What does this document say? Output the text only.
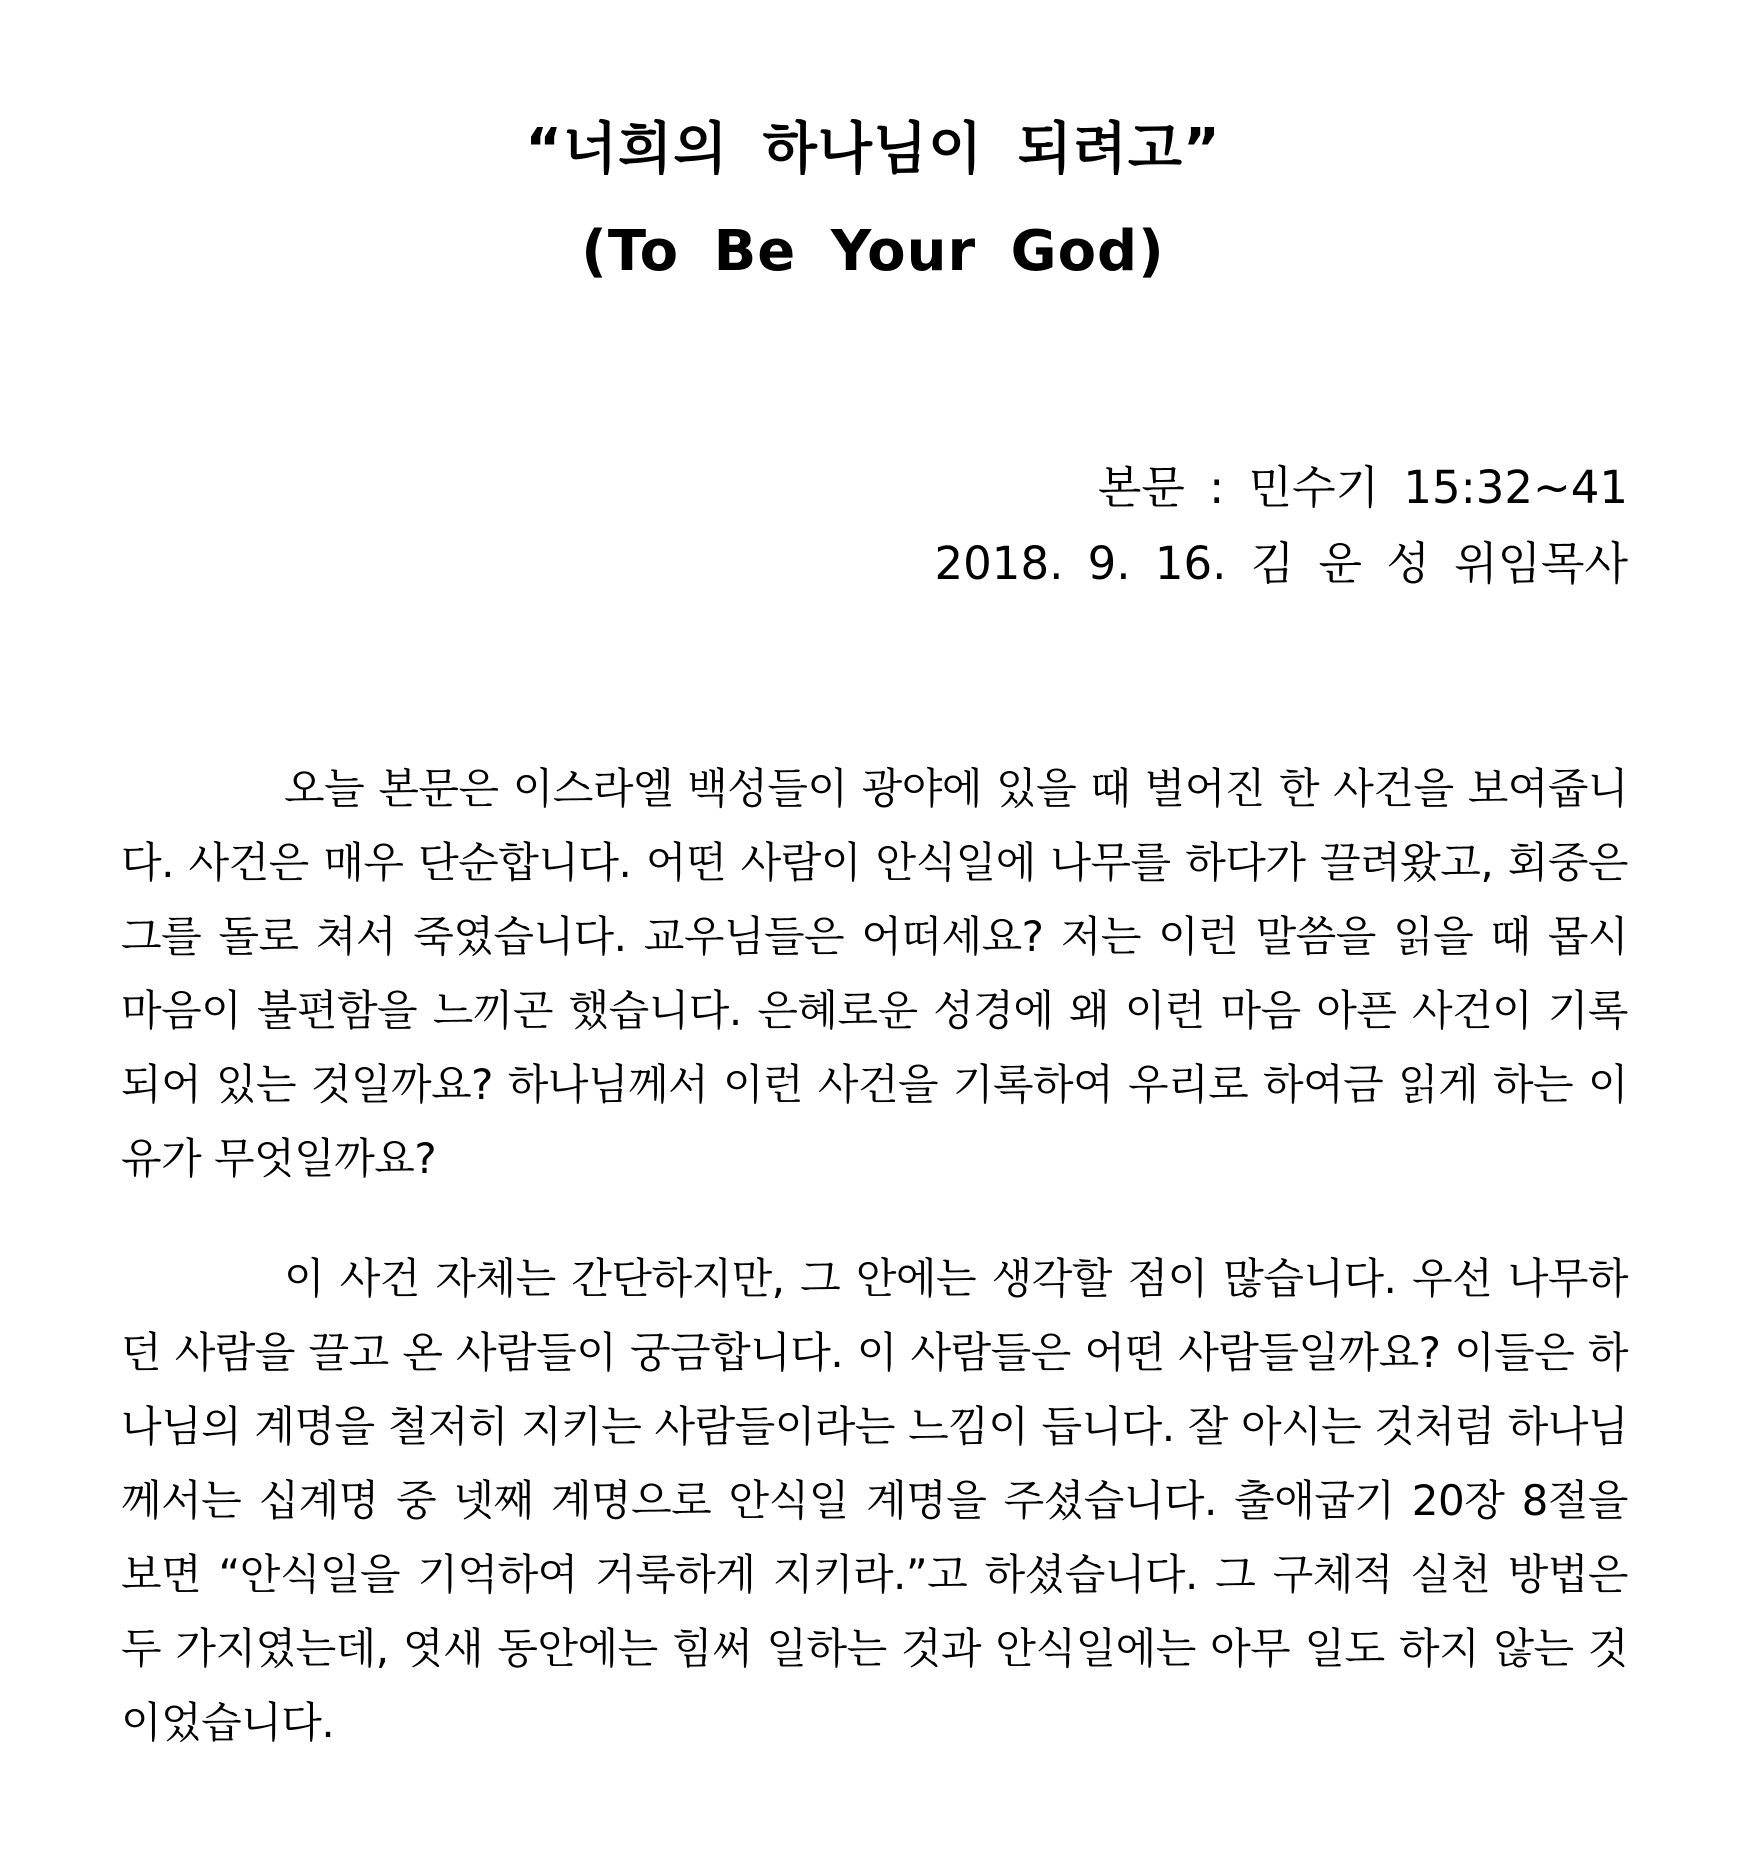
“너희의 하나님이 되려고”
(To Be Your God)
본문 : 민수기 15:32~41
2018. 9. 16. 김 운 성 위임목사

오늘 본문은 이스라엘 백성들이 광야에 있을 때 벌어진 한 사건을 보여줍니다. 사건은 매우 단순합니다. 어떤 사람이 안식일에 나무를 하다가 끌려왔고, 회중은 그를 돌로 쳐서 죽였습니다. 교우님들은 어떠세요? 저는 이런 말씀을 읽을 때 몹시 마음이 불편함을 느끼곤 했습니다. 은혜로운 성경에 왜 이런 마음 아픈 사건이 기록되어 있는 것일까요? 하나님께서 이런 사건을 기록하여 우리로 하여금 읽게 하는 이유가 무엇일까요?

이 사건 자체는 간단하지만, 그 안에는 생각할 점이 많습니다. 우선 나무하던 사람을 끌고 온 사람들이 궁금합니다. 이 사람들은 어떤 사람들일까요? 이들은 하나님의 계명을 철저히 지키는 사람들이라는 느낌이 듭니다. 잘 아시는 것처럼 하나님께서는 십계명 중 넷째 계명으로 안식일 계명을 주셨습니다. 출애굽기 20장 8절을 보면 “안식일을 기억하여 거룩하게 지키라.”고 하셨습니다. 그 구체적 실천 방법은 두 가지였는데, 엿새 동안에는 힘써 일하는 것과 안식일에는 아무 일도 하지 않는 것이었습니다.
